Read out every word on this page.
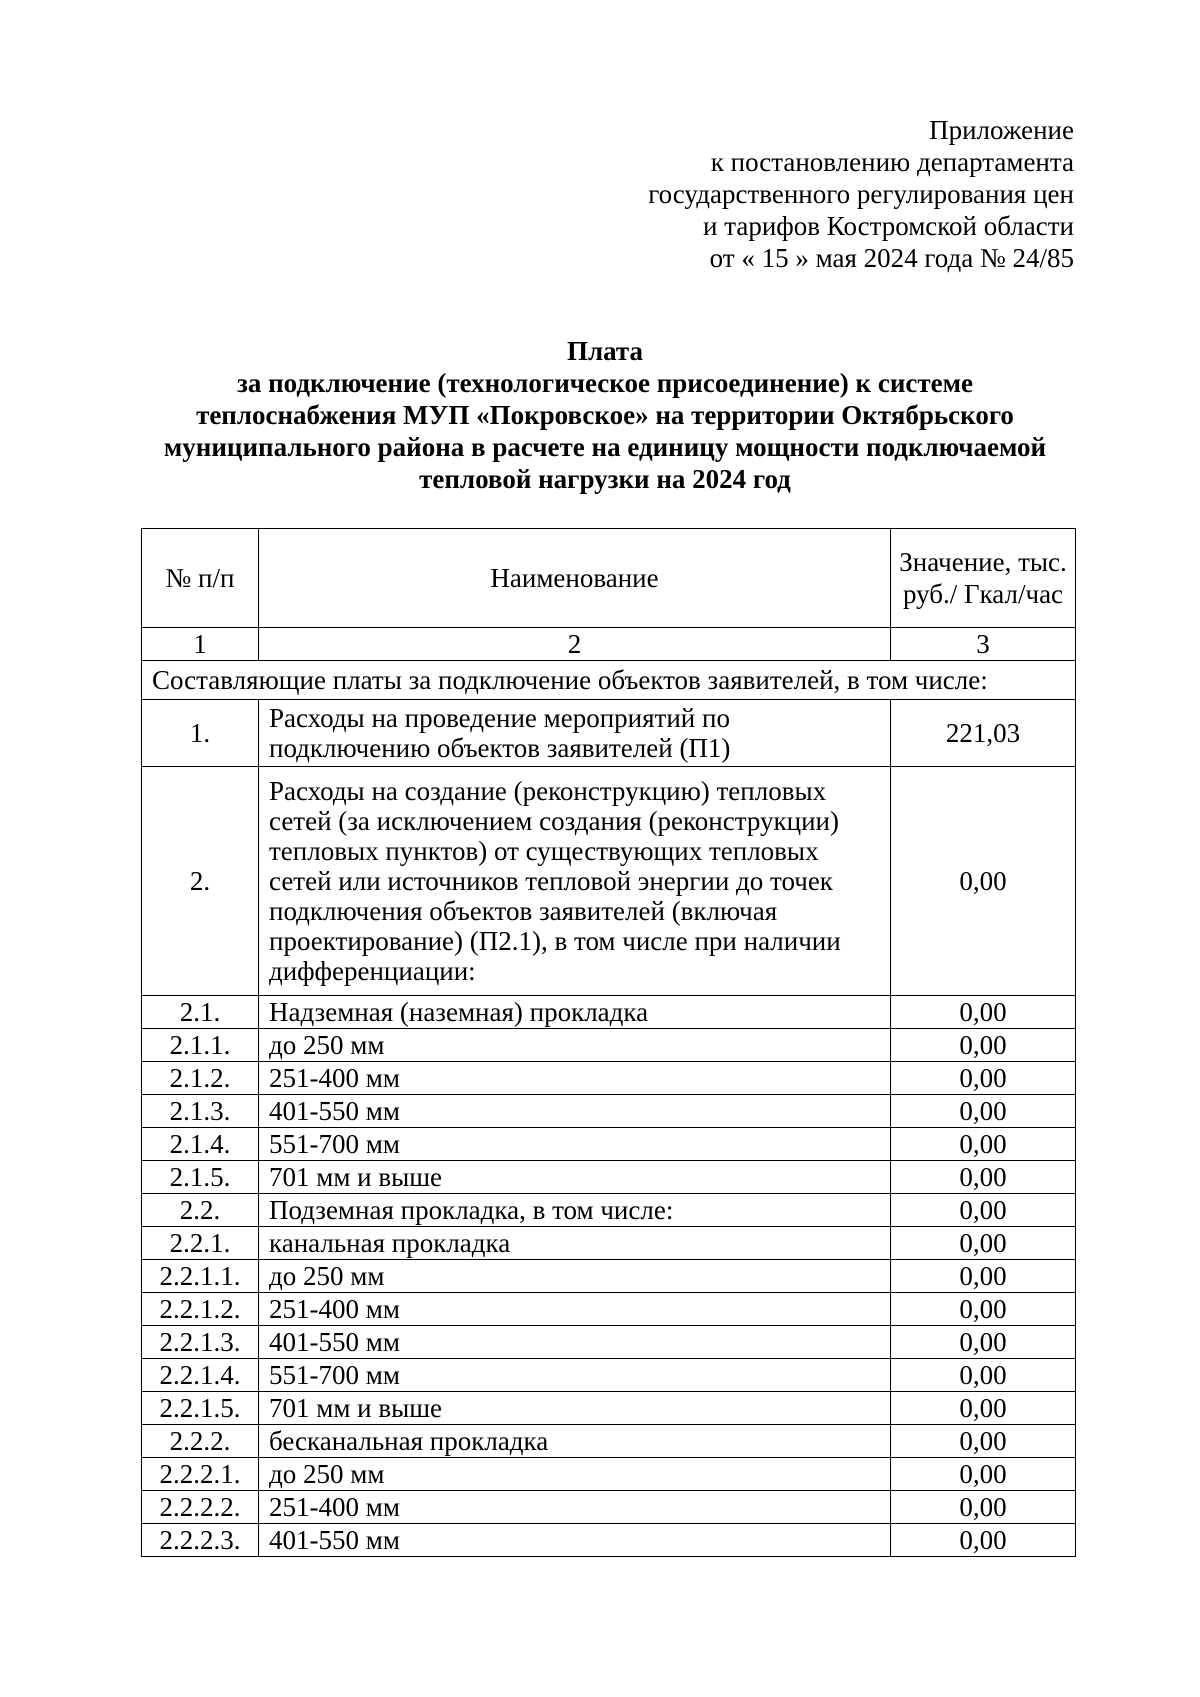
Приложение
к постановлению департамента
государственного регулирования цен
и тарифов Костромской области
от « 15 » мая 2024 года № 24/85
Плата
за подключение (технологическое присоединение) к системе
теплоснабжения МУП «Покровское» на территории Октябрьского
муниципального района в расчете на единицу мощности подключаемой
тепловой нагрузки на 2024 год
№ п/п	Наименование	Значение, тыс. руб./ Гкал/час
1	2	3
Составляющие платы за подключение объектов заявителей, в том числе:		
1.	Расходы на проведение мероприятий по подключению объектов заявителей (П1)	221,03
2.	Расходы на создание (реконструкцию) тепловых сетей (за исключением создания (реконструкции) тепловых пунктов) от существующих тепловых сетей или источников тепловой энергии до точек подключения объектов заявителей (включая проектирование) (П2.1), в том числе при наличии дифференциации:	0,00
2.1.	Надземная (наземная) прокладка	0,00
2.1.1.	до 250 мм	0,00
2.1.2.	251-400 мм	0,00
2.1.3.	401-550 мм	0,00
2.1.4.	551-700 мм	0,00
2.1.5.	701 мм и выше	0,00
2.2.	Подземная прокладка, в том числе:	0,00
2.2.1.	канальная прокладка	0,00
2.2.1.1.	до 250 мм	0,00
2.2.1.2.	251-400 мм	0,00
2.2.1.3.	401-550 мм	0,00
2.2.1.4.	551-700 мм	0,00
2.2.1.5.	701 мм и выше	0,00
2.2.2.	бесканальная прокладка	0,00
2.2.2.1.	до 250 мм	0,00
2.2.2.2.	251-400 мм	0,00
2.2.2.3.	401-550 мм	0,00
